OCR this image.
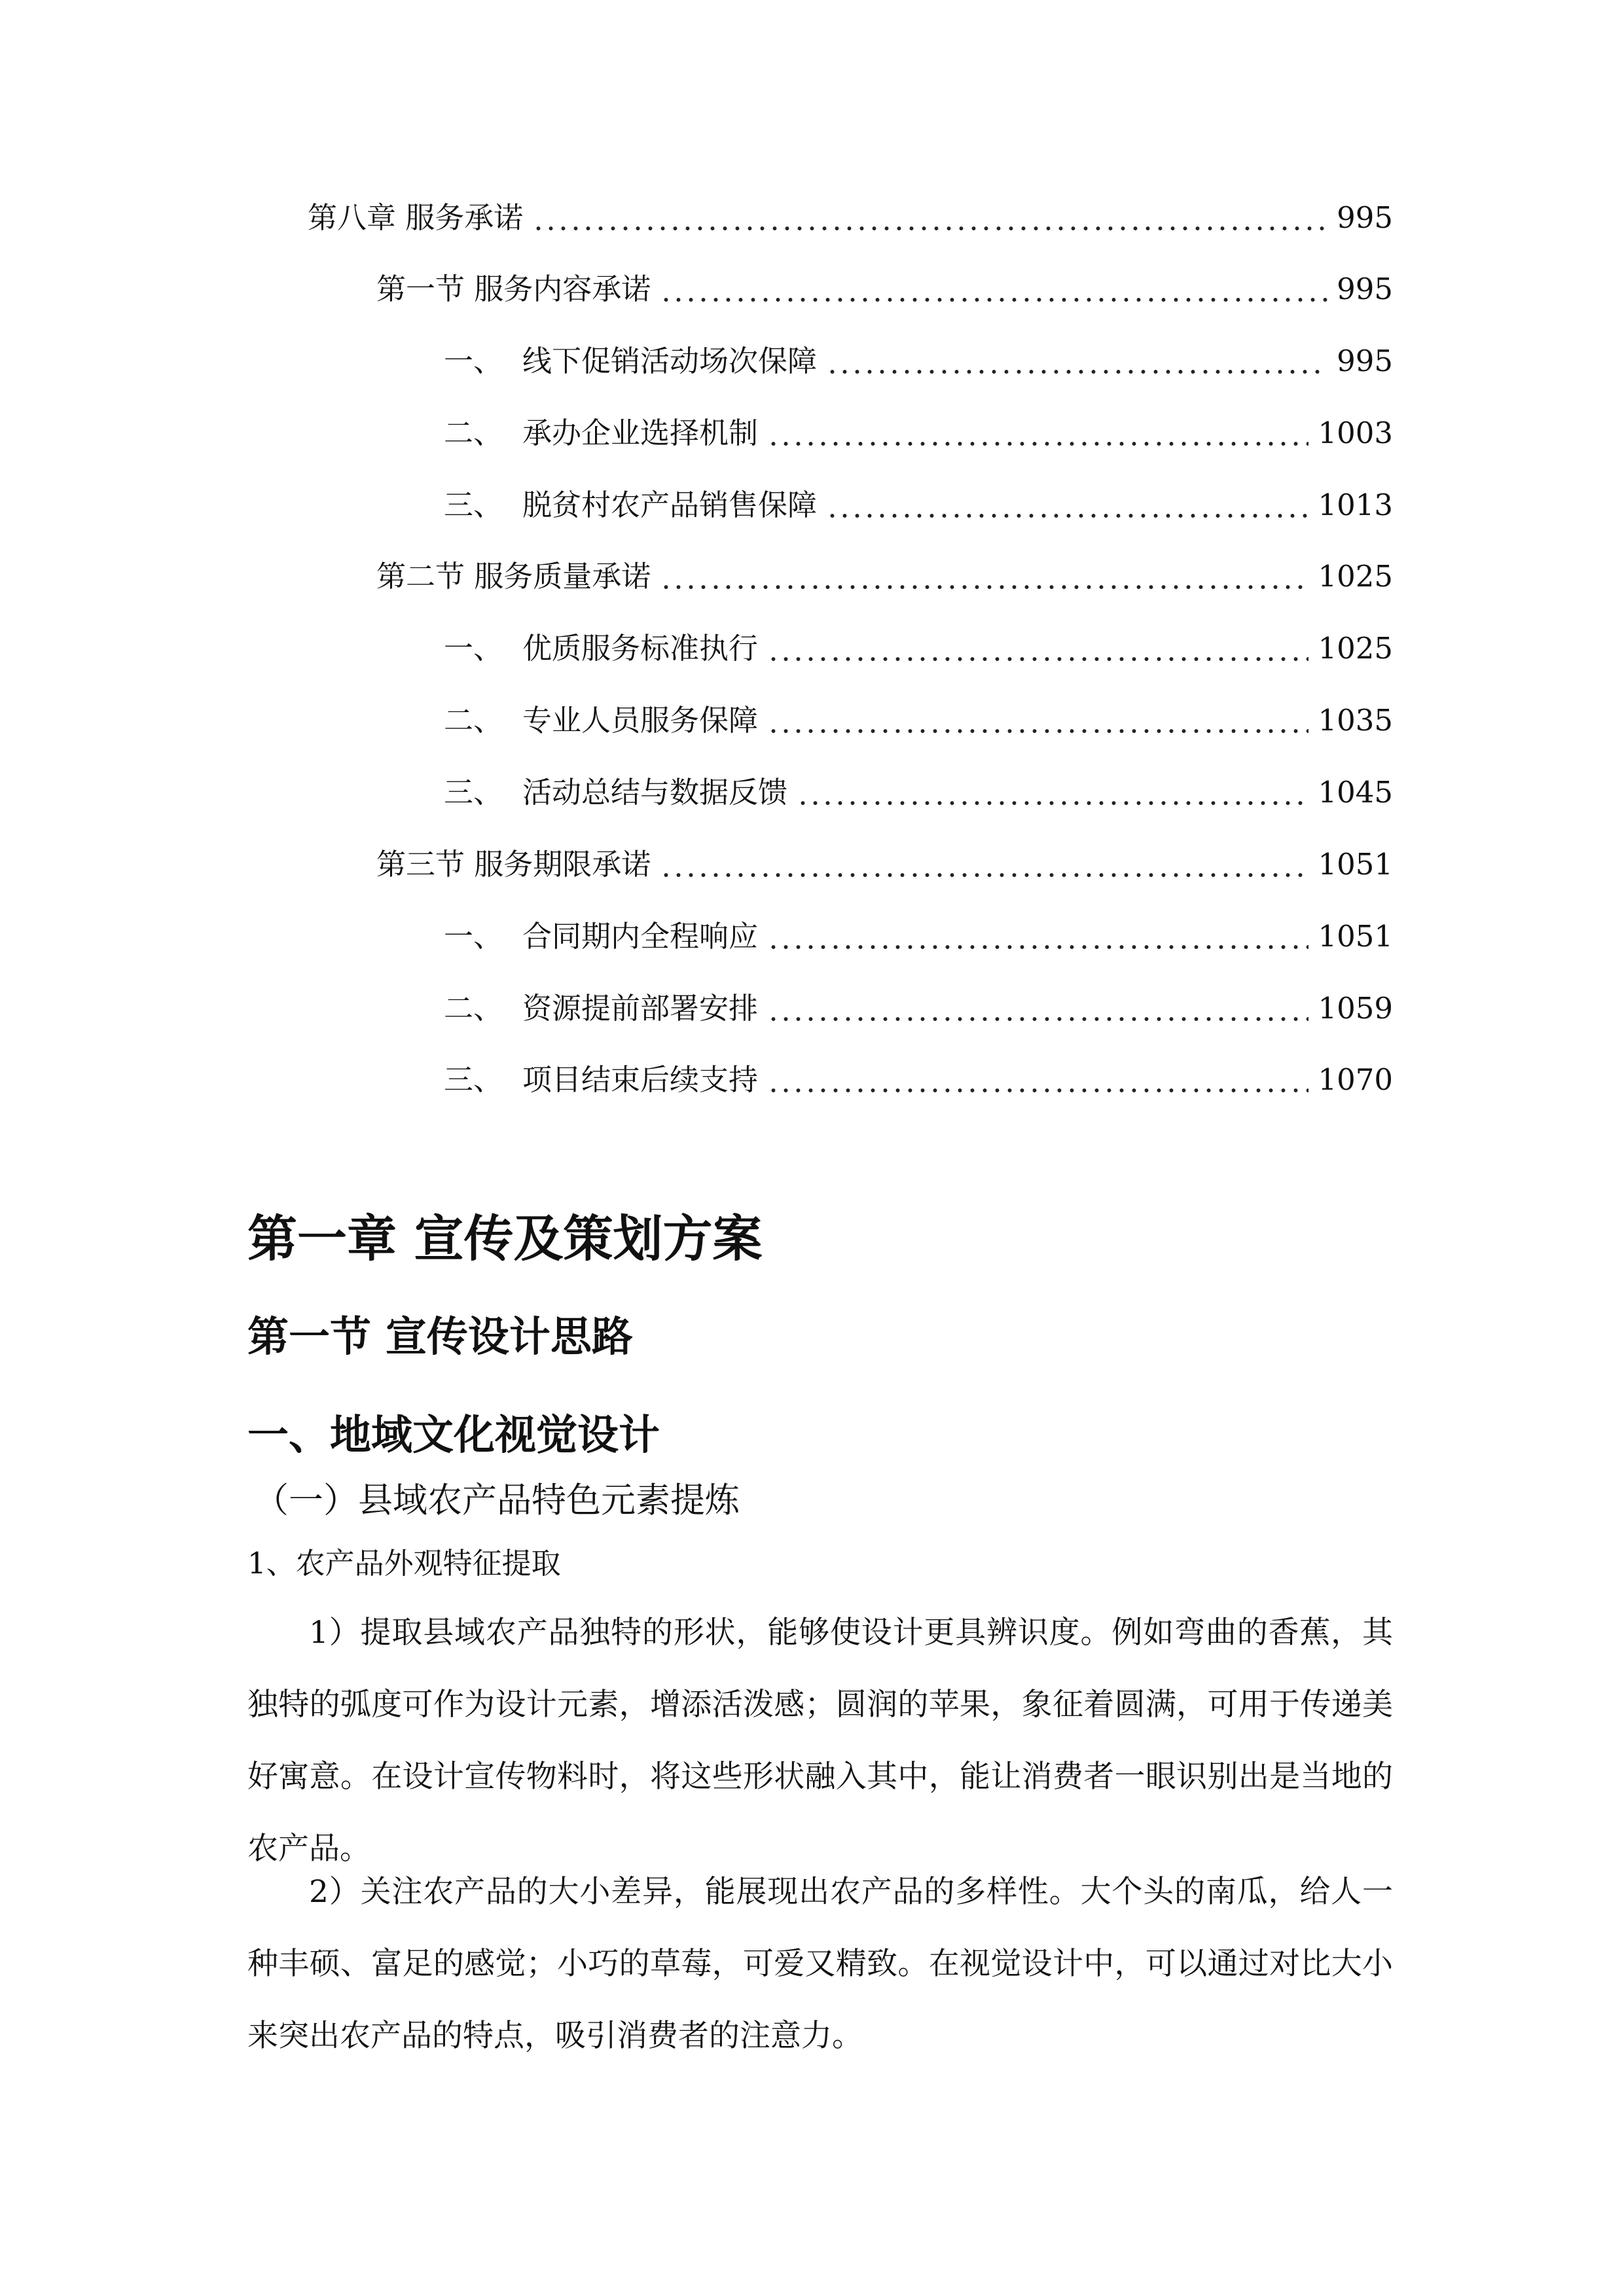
第八章 服务承诺	995
第一节 服务内容承诺	995
一、 线下促销活动场次保障	995
二、 承办企业选择机制	1003
三、 脱贫村农产品销售保障	1013
第二节 服务质量承诺	1025
一、 优质服务标准执行	1025
二、 专业人员服务保障	1035
三、 活动总结与数据反馈	1045
第三节 服务期限承诺	1051
一、 合同期内全程响应	1051
二、 资源提前部署安排	1059
三、 项目结束后续支持	1070
第一章 宣传及策划方案
第一节 宣传设计思路
一、地域文化视觉设计
（一）县域农产品特色元素提炼
1、农产品外观特征提取

1）提取县域农产品独特的形状，能够使设计更具辨识度。例如弯曲的香蕉，其独特的弧度可作为设计元素，增添活泼感；圆润的苹果，象征着圆满，可用于传递美好寓意。在设计宣传物料时，将这些形状融入其中，能让消费者一眼识别出是当地的农产品。

2）关注农产品的大小差异，能展现出农产品的多样性。大个头的南瓜，给人一种丰硕、富足的感觉；小巧的草莓，可爱又精致。在视觉设计中，可以通过对比大小来突出农产品的特点，吸引消费者的注意力。
